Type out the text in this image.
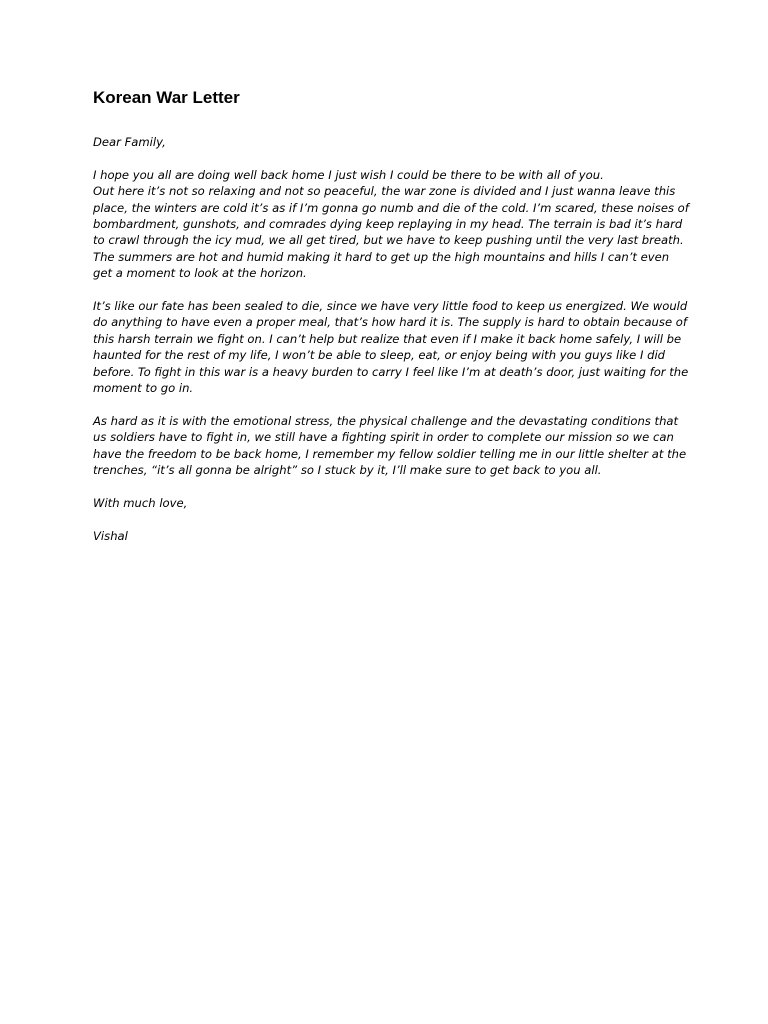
Korean War Letter

Dear Family,

I hope you all are doing well back home I just wish I could be there to be with all of you.
Out here it’s not so relaxing and not so peaceful, the war zone is divided and I just wanna leave this
place, the winters are cold it’s as if I’m gonna go numb and die of the cold. I’m scared, these noises of
bombardment, gunshots, and comrades dying keep replaying in my head. The terrain is bad it’s hard
to crawl through the icy mud, we all get tired, but we have to keep pushing until the very last breath.
The summers are hot and humid making it hard to get up the high mountains and hills I can’t even
get a moment to look at the horizon.

It’s like our fate has been sealed to die, since we have very little food to keep us energized. We would
do anything to have even a proper meal, that’s how hard it is. The supply is hard to obtain because of
this harsh terrain we fight on. I can’t help but realize that even if I make it back home safely, I will be
haunted for the rest of my life, I won’t be able to sleep, eat, or enjoy being with you guys like I did
before. To fight in this war is a heavy burden to carry I feel like I’m at death’s door, just waiting for the
moment to go in.

As hard as it is with the emotional stress, the physical challenge and the devastating conditions that
us soldiers have to fight in, we still have a fighting spirit in order to complete our mission so we can
have the freedom to be back home, I remember my fellow soldier telling me in our little shelter at the
trenches, “it’s all gonna be alright” so I stuck by it, I’ll make sure to get back to you all.

With much love,

Vishal
